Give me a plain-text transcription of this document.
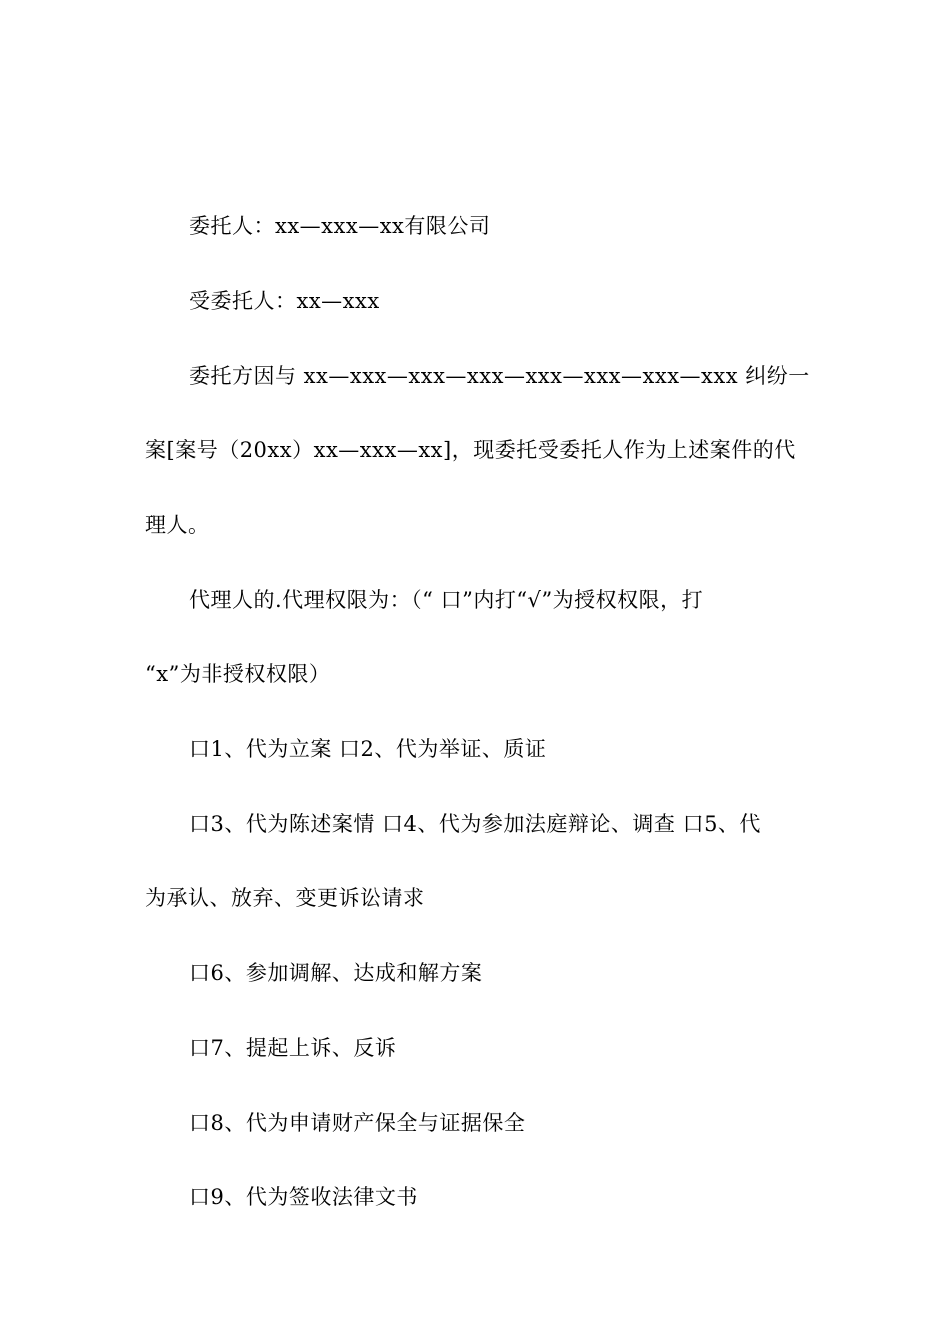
委托人：xx—xxx—xx有限公司
受委托人：xx—xxx
委托方因与 xx—xxx—xxx—xxx—xxx—xxx—xxx—xxx 纠纷一
案[案号（20xx）xx—xxx—xx]，现委托受委托人作为上述案件的代
理人。
代理人的.代理权限为：（“ 口”内打“√”为授权权限，打
“x”为非授权权限）
口1、代为立案 口2、代为举证、质证
口3、代为陈述案情 口4、代为参加法庭辩论、调查 口5、代
为承认、放弃、变更诉讼请求
口6、参加调解、达成和解方案
口7、提起上诉、反诉
口8、代为申请财产保全与证据保全
口9、代为签收法律文书
